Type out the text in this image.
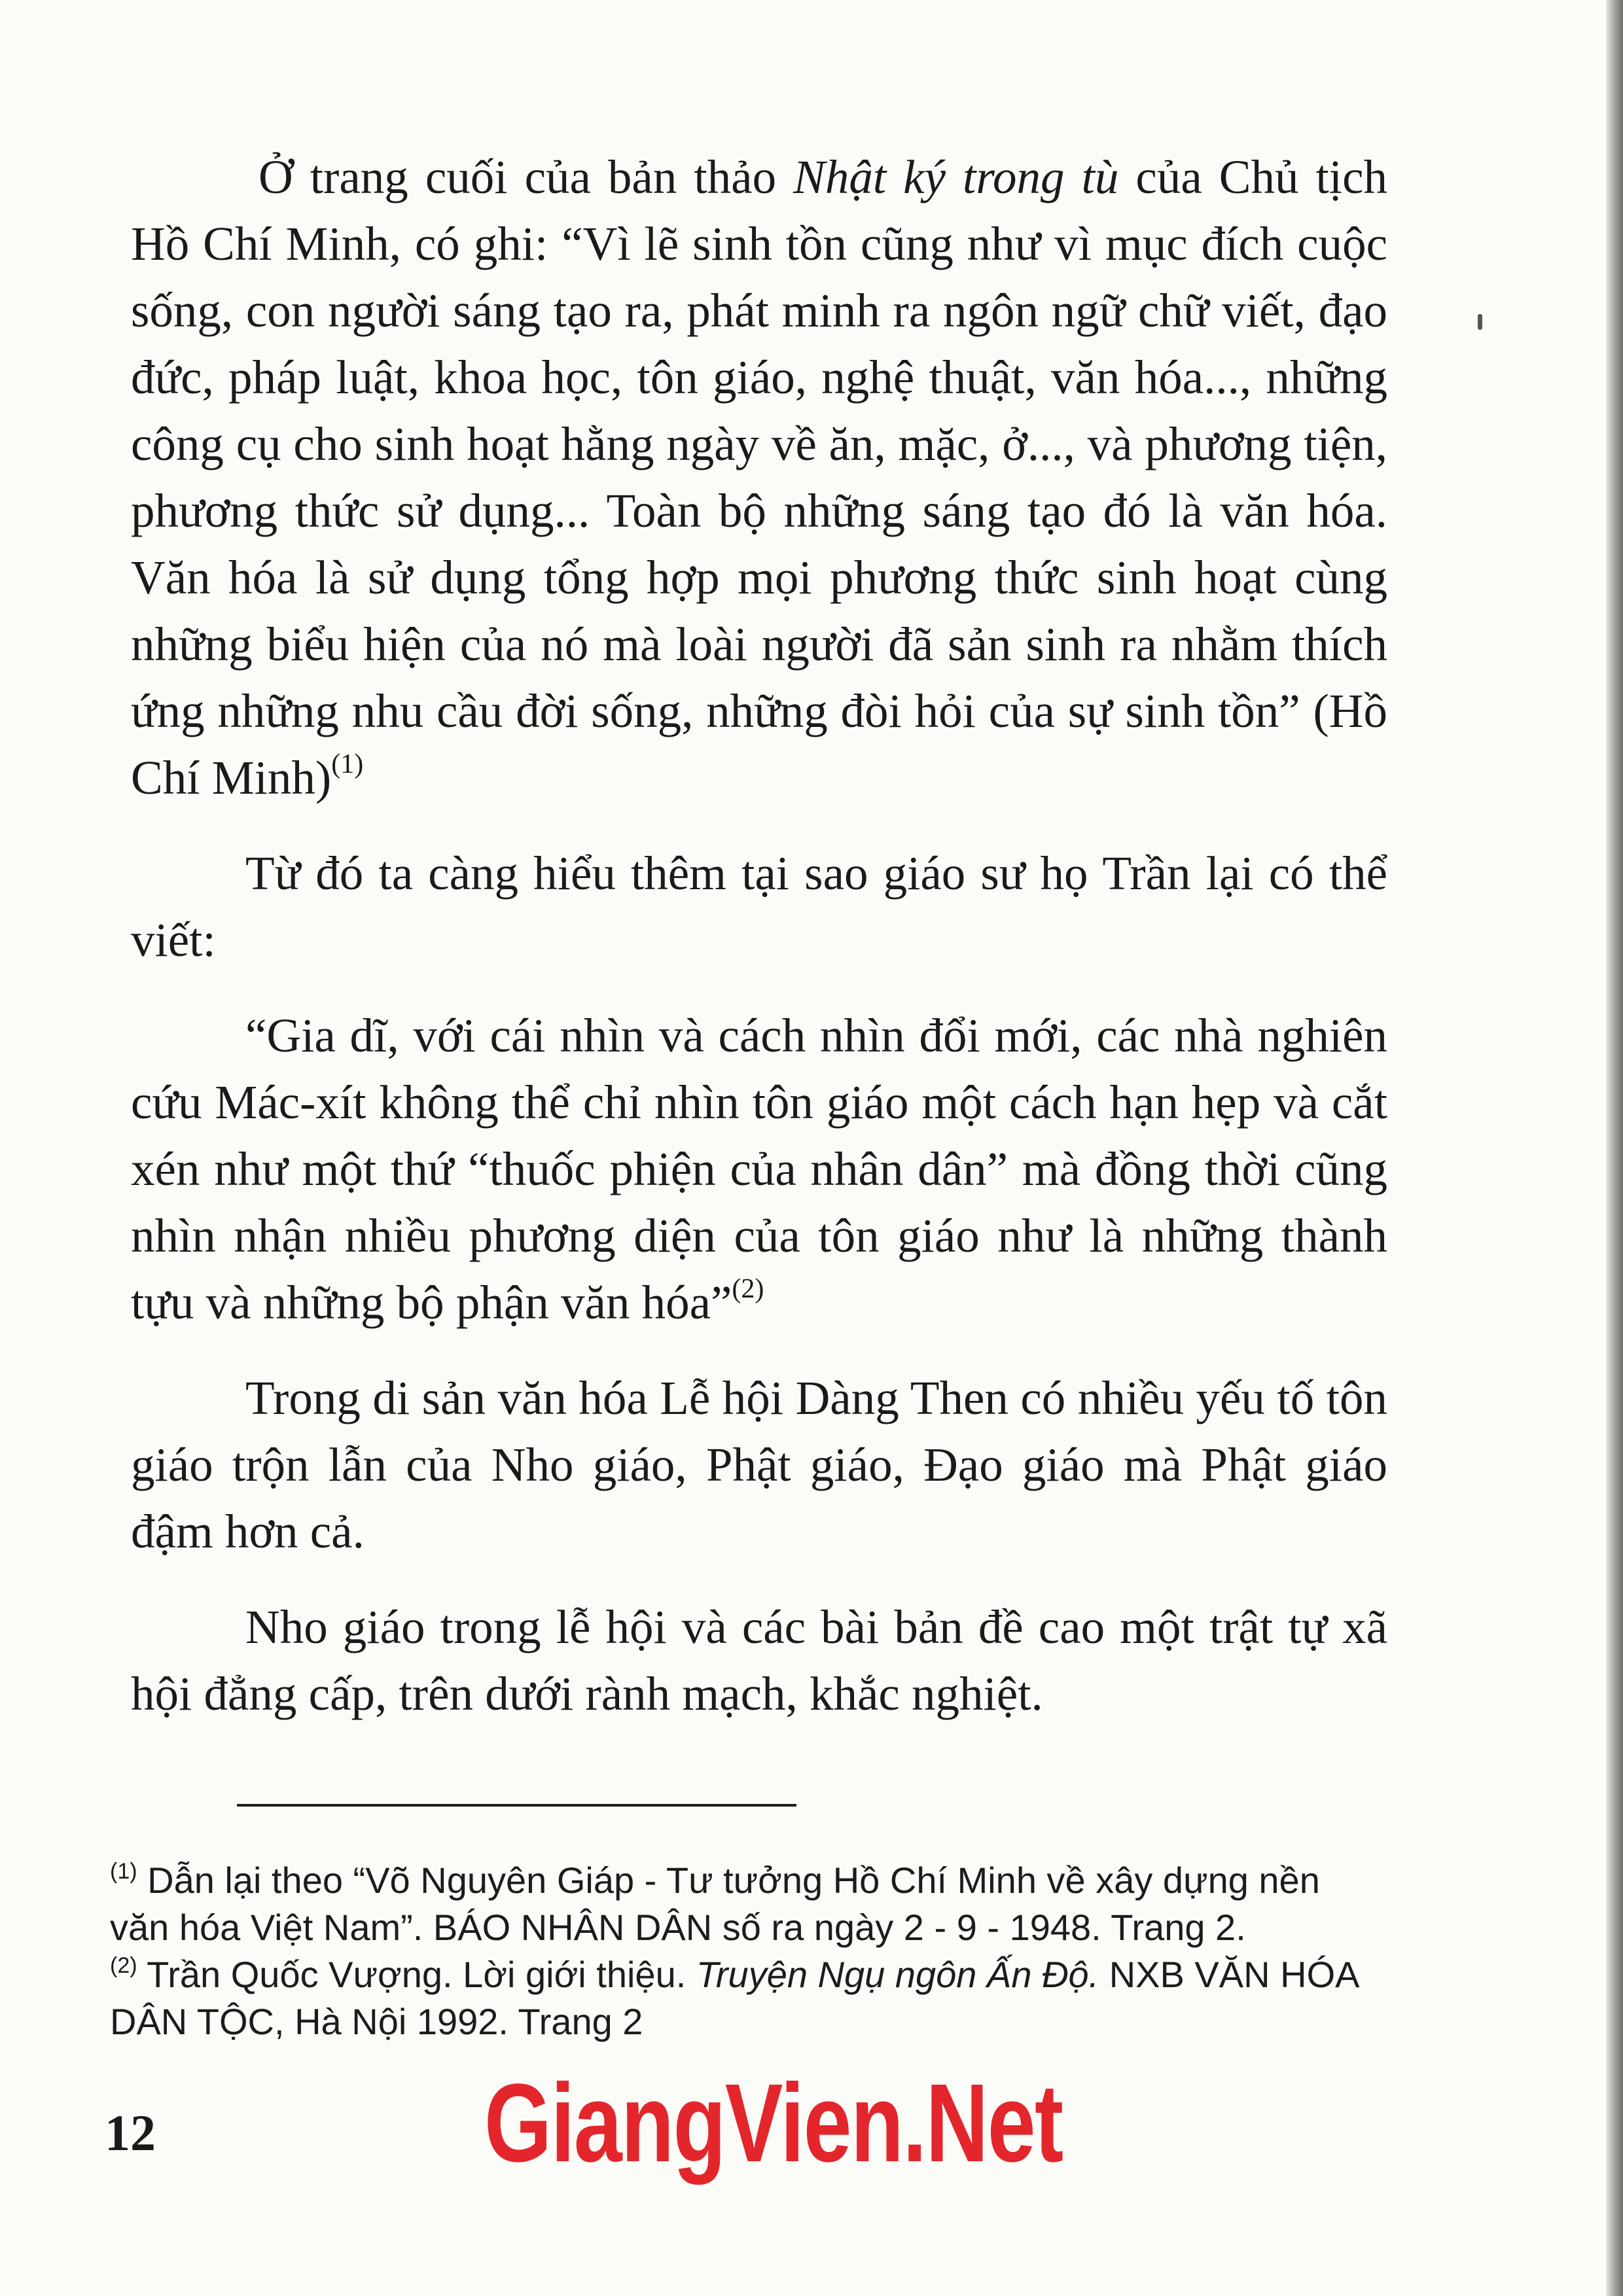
Ở trang cuối của bản thảo Nhật ký trong tù của Chủ tịch Hồ Chí Minh, có ghi: “Vì lẽ sinh tồn cũng như vì mục đích cuộc sống, con người sáng tạo ra, phát minh ra ngôn ngữ chữ viết, đạo đức, pháp luật, khoa học, tôn giáo, nghệ thuật, văn hóa..., những công cụ cho sinh hoạt hằng ngày về ăn, mặc, ở..., và phương tiện, phương thức sử dụng... Toàn bộ những sáng tạo đó là văn hóa. Văn hóa là sử dụng tổng hợp mọi phương thức sinh hoạt cùng những biểu hiện của nó mà loài người đã sản sinh ra nhằm thích ứng những nhu cầu đời sống, những đòi hỏi của sự sinh tồn” (Hồ Chí Minh)$^{(1)}$

Từ đó ta càng hiểu thêm tại sao giáo sư họ Trần lại có thể viết:

“Gia dĩ, với cái nhìn và cách nhìn đổi mới, các nhà nghiên cứu Mác-xít không thể chỉ nhìn tôn giáo một cách hạn hẹp và cắt xén như một thứ “thuốc phiện của nhân dân” mà đồng thời cũng nhìn nhận nhiều phương diện của tôn giáo như là những thành tựu và những bộ phận văn hóa”$^{(2)}$

Trong di sản văn hóa Lễ hội Dàng Then có nhiều yếu tố tôn giáo trộn lẫn của Nho giáo, Phật giáo, Đạo giáo mà Phật giáo đậm hơn cả.

Nho giáo trong lễ hội và các bài bản đề cao một trật tự xã hội đẳng cấp, trên dưới rành mạch, khắc nghiệt.

$^{(1)}$ Dẫn lại theo “Võ Nguyên Giáp - Tư tưởng Hồ Chí Minh về xây dựng nền văn hóa Việt Nam”. BÁO NHÂN DÂN số ra ngày 2 - 9 - 1948. Trang 2.

$^{(2)}$ Trần Quốc Vượng. Lời giới thiệu. Truyện Ngụ ngôn Ấn Độ. NXB VĂN HÓA DÂN TỘC, Hà Nội 1992. Trang 2

12	GiangVien.Net
